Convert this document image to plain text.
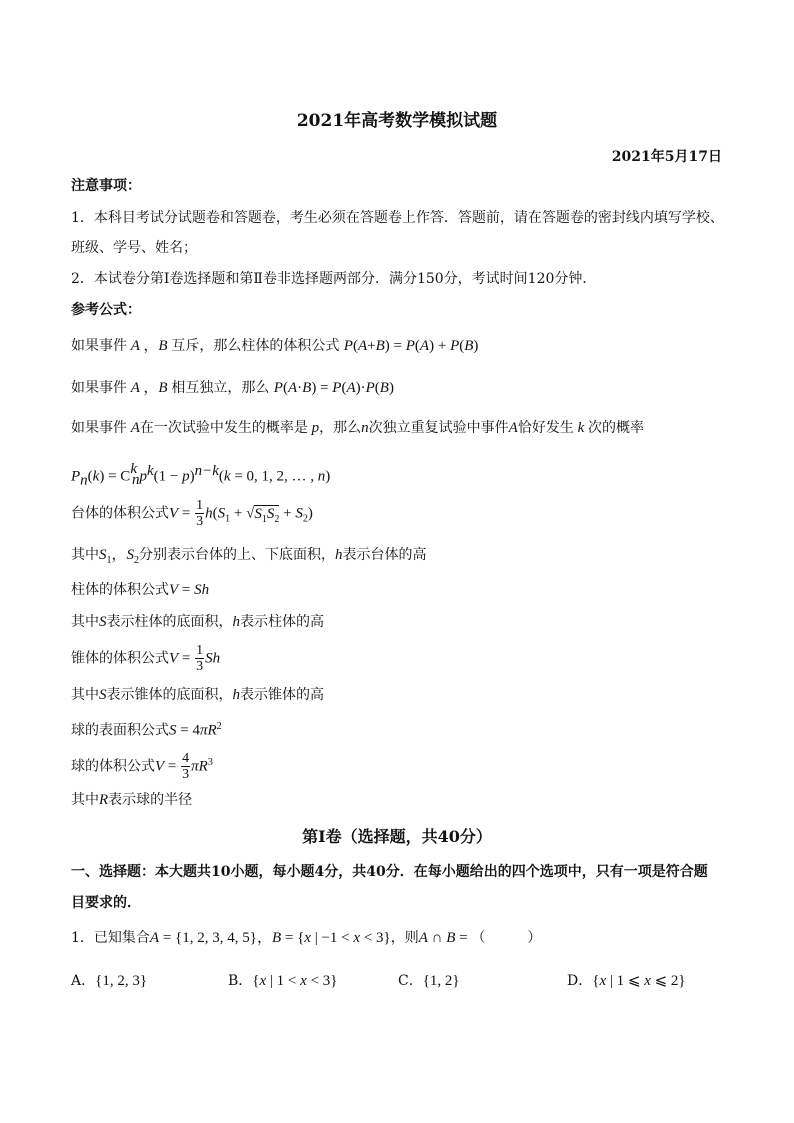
2021年高考数学模拟试题
2021年5月17日
注意事项：
1．本科目考试分试题卷和答题卷，考生必须在答题卷上作答．答题前，请在答题卷的密封线内填写学校、
班级、学号、姓名；
2．本试卷分第Ⅰ卷选择题和第Ⅱ卷非选择题两部分．满分150分，考试时间120分钟．
参考公式：
如果事件 A ，B 互斥，那么柱体的体积公式 P(A+B) = P(A) + P(B)
如果事件 A ，B 相互独立，那么 P(A·B) = P(A)·P(B)
如果事件 A在一次试验中发生的概率是 p，那么n次独立重复试验中事件A恰好发生 k 次的概率
$P_n(k) = C^k_np^k(1 - p)^{n-k}(k = 0$, 1, 2, … , n)
台体的体积公式$V = \frac{1}{3} h(S_1 + √S_1S_2 + S_2)$
其中$S_1$，$S_2$分别表示台体的上、下底面积，h表示台体的高
柱体的体积公式V = Sh
其中S表示柱体的底面积，h表示柱体的高
锥体的体积公式$V = \frac{1}{3}$ Sh
其中S表示锥体的底面积，h表示锥体的高
球的表面积公式$S = 4\pi R^2$
球的体积公式$V = \frac{4}{3} \pi R^3$
其中R表示球的半径
第Ⅰ卷（选择题，共40分）
一、选择题：本大题共10小题，每小题4分，共40分．在每小题给出的四个选项中，只有一项是符合题
目要求的．
1．已知集合A = {1, 2, 3, 4, 5}，B = {x | −1 < x < 3}，则A ∩ B = （　　　）
A．{1, 2, 3}	B．{x | 1 < x < 3}	C．{1, 2}	D．{x | 1 ⩽ x ⩽ 2}
